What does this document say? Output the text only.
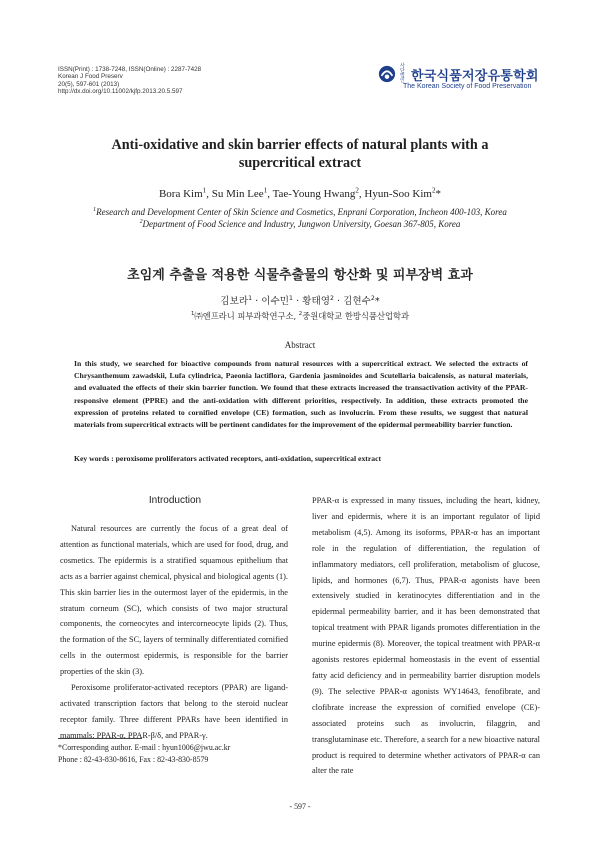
ISSN(Print) : 1738-7248, ISSN(Online) : 2287-7428
Korean J Food Preserv
20(5), 597-601 (2013)
http://dx.doi.org/10.11002/kjfp.2013.20.5.597
사단 법인 한국식품저장유통학회
The Korean Society of Food Preservation
Anti-oxidative and skin barrier effects of natural plants with a
supercritical extract
Bora Kim$^1$, Su Min Lee$^1$, Tae-Young Hwang$^2$, Hyun-Soo Kim$^2$*
$^1$Research and Development Center of Skin Science and Cosmetics, Enprani Corporation, Incheon 400-103, Korea
$^2$Department of Food Science and Industry, Jungwon University, Goesan 367-805, Korea
초임계 추출을 적용한 식물추출물의 항산화 및 피부장벽 효과
김보라$^1$ · 이수민$^1$ · 황태영$^2$ · 김현수$^2$*
$^1$㈜엔프라니 피부과학연구소, $^2$중원대학교 한방식품산업학과
Abstract
In this study, we searched for bioactive compounds from natural resources with a supercritical extract. We selected the extracts of Chrysanthemum zawadskii, Lufa cylindrica, Paeonia lactiflora, Gardenia jasminoides and Scutellaria baicalensis, as natural materials, and evaluated the effects of their skin barrier function. We found that these extracts increased the transactivation activity of the PPAR-responsive element (PPRE) and the anti-oxidation with different priorities, respectively. In addition, these extracts promoted the expression of proteins related to cornified envelope (CE) formation, such as involucrin. From these results, we suggest that natural materials from supercritical extracts will be pertinent candidates for the improvement of the epidermal permeability barrier function.
Key words : peroxisome proliferators activated receptors, anti-oxidation, supercritical extract
Introduction

Natural resources are currently the focus of a great deal of attention as functional materials, which are used for food, drug, and cosmetics. The epidermis is a stratified squamous epithelium that acts as a barrier against chemical, physical and biological agents (1). This skin barrier lies in the outermost layer of the epidermis, in the stratum corneum (SC), which consists of two major structural components, the corneocytes and intercorneocyte lipids (2). Thus, the formation of the SC, layers of terminally differentiated cornified cells in the outermost epidermis, is responsible for the barrier properties of the skin (3).

Peroxisome proliferator-activated receptors (PPAR) are ligand-activated transcription factors that belong to the steroid nuclear receptor family. Three different PPARs have been identified in mammals: PPAR-α, PPAR-β/δ, and PPAR-γ.

PPAR-α is expressed in many tissues, including the heart, kidney, liver and epidermis, where it is an important regulator of lipid metabolism (4,5). Among its isoforms, PPAR-α has an important role in the regulation of differentiation, the regulation of inflammatory mediators, cell proliferation, metabolism of glucose, lipids, and hormones (6,7). Thus, PPAR-α agonists have been extensively studied in keratinocytes differentiation and in the epidermal permeability barrier, and it has been demonstrated that topical treatment with PPAR ligands promotes differentiation in the murine epidermis (8). Moreover, the topical treatment with PPAR-α agonists restores epidermal homeostasis in the event of essential fatty acid deficiency and in permeability barrier disruption models (9). The selective PPAR-α agonists WY14643, fenofibrate, and clofibrate increase the expression of cornified envelope (CE)-associated proteins such as involucrin, filaggrin, and transglutaminase etc. Therefore, a search for a new bioactive natural product is required to determine whether activators of PPAR-α can alter the rate

*Corresponding author. E-mail : hyun1006@jwu.ac.kr
Phone : 82-43-830-8616, Fax : 82-43-830-8579
- 597 -
